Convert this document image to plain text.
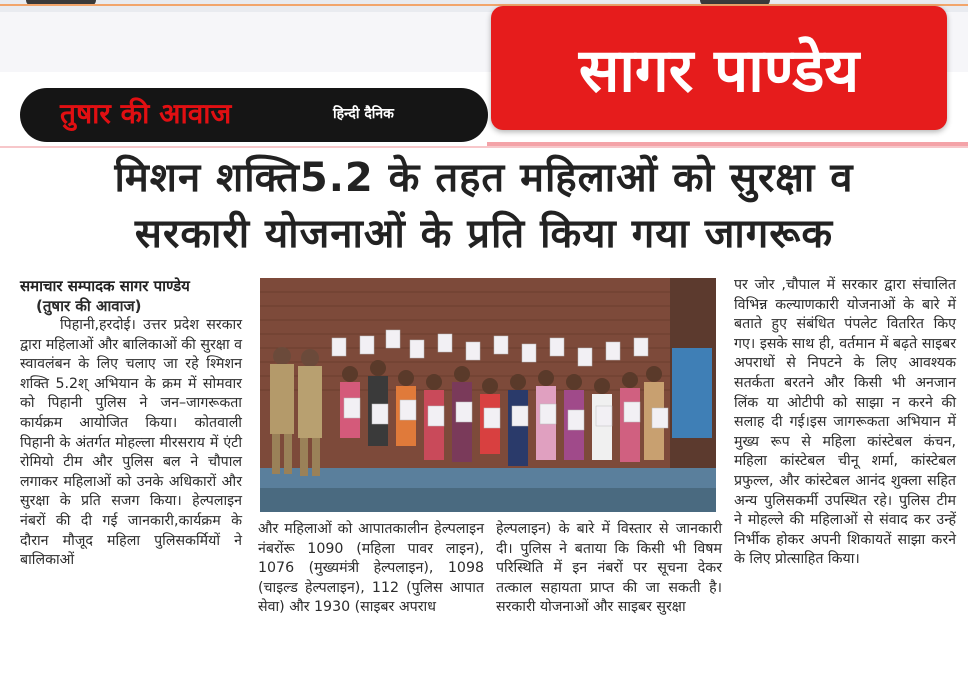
तुषार की आवाज	हिन्दी दैनिक
सागर पाण्डेय
मिशन शक्ति5.2 के तहत महिलाओं को सुरक्षा व
सरकारी योजनाओं के प्रति किया गया जागरूक
समाचार सम्पादक सागर पाण्डेय
(तुषार की आवाज)

पिहानी,हरदोई। उत्तर प्रदेश सरकार द्वारा महिलाओं और बालिकाओं की सुरक्षा व स्वावलंबन के लिए चलाए जा रहे श्मिशन शक्ति 5.2श् अभियान के क्रम में सोमवार को पिहानी पुलिस ने जन–जागरूकता कार्यक्रम आयोजित किया। कोतवाली पिहानी के अंतर्गत मोहल्ला मीरसराय में एंटी रोमियो टीम और पुलिस बल ने चौपाल लगाकर महिलाओं को उनके अधिकारों और सुरक्षा के प्रति सजग किया। हेल्पलाइन नंबरों की दी गई जानकारी,कार्यक्रम के दौरान मौजूद महिला पुलिसकर्मियों ने बालिकाओं

और महिलाओं को आपातकालीन हेल्पलाइन नंबरोंरू 1090 (महिला पावर लाइन), 1076 (मुख्यमंत्री हेल्पलाइन), 1098 (चाइल्ड हेल्पलाइन), 112 (पुलिस आपात सेवा) और 1930 (साइबर अपराध

हेल्पलाइन) के बारे में विस्तार से जानकारी दी। पुलिस ने बताया कि किसी भी विषम परिस्थिति में इन नंबरों पर सूचना देकर तत्काल सहायता प्राप्त की जा सकती है। सरकारी योजनाओं और साइबर सुरक्षा

पर जोर ,चौपाल में सरकार द्वारा संचालित विभिन्न कल्याणकारी योजनाओं के बारे में बताते हुए संबंधित पंपलेट वितरित किए गए। इसके साथ ही, वर्तमान में बढ़ते साइबर अपराधों से निपटने के लिए आवश्यक सतर्कता बरतने और किसी भी अनजान लिंक या ओटीपी को साझा न करने की सलाह दी गई।इस जागरूकता अभियान में मुख्य रूप से महिला कांस्टेबल कंचन, महिला कांस्टेबल चीनू शर्मा, कांस्टेबल प्रफुल्ल, और कांस्टेबल आनंद शुक्ला सहित अन्य पुलिसकर्मी उपस्थित रहे। पुलिस टीम ने मोहल्ले की महिलाओं से संवाद कर उन्हें निर्भीक होकर अपनी शिकायतें साझा करने के लिए प्रोत्साहित किया।
